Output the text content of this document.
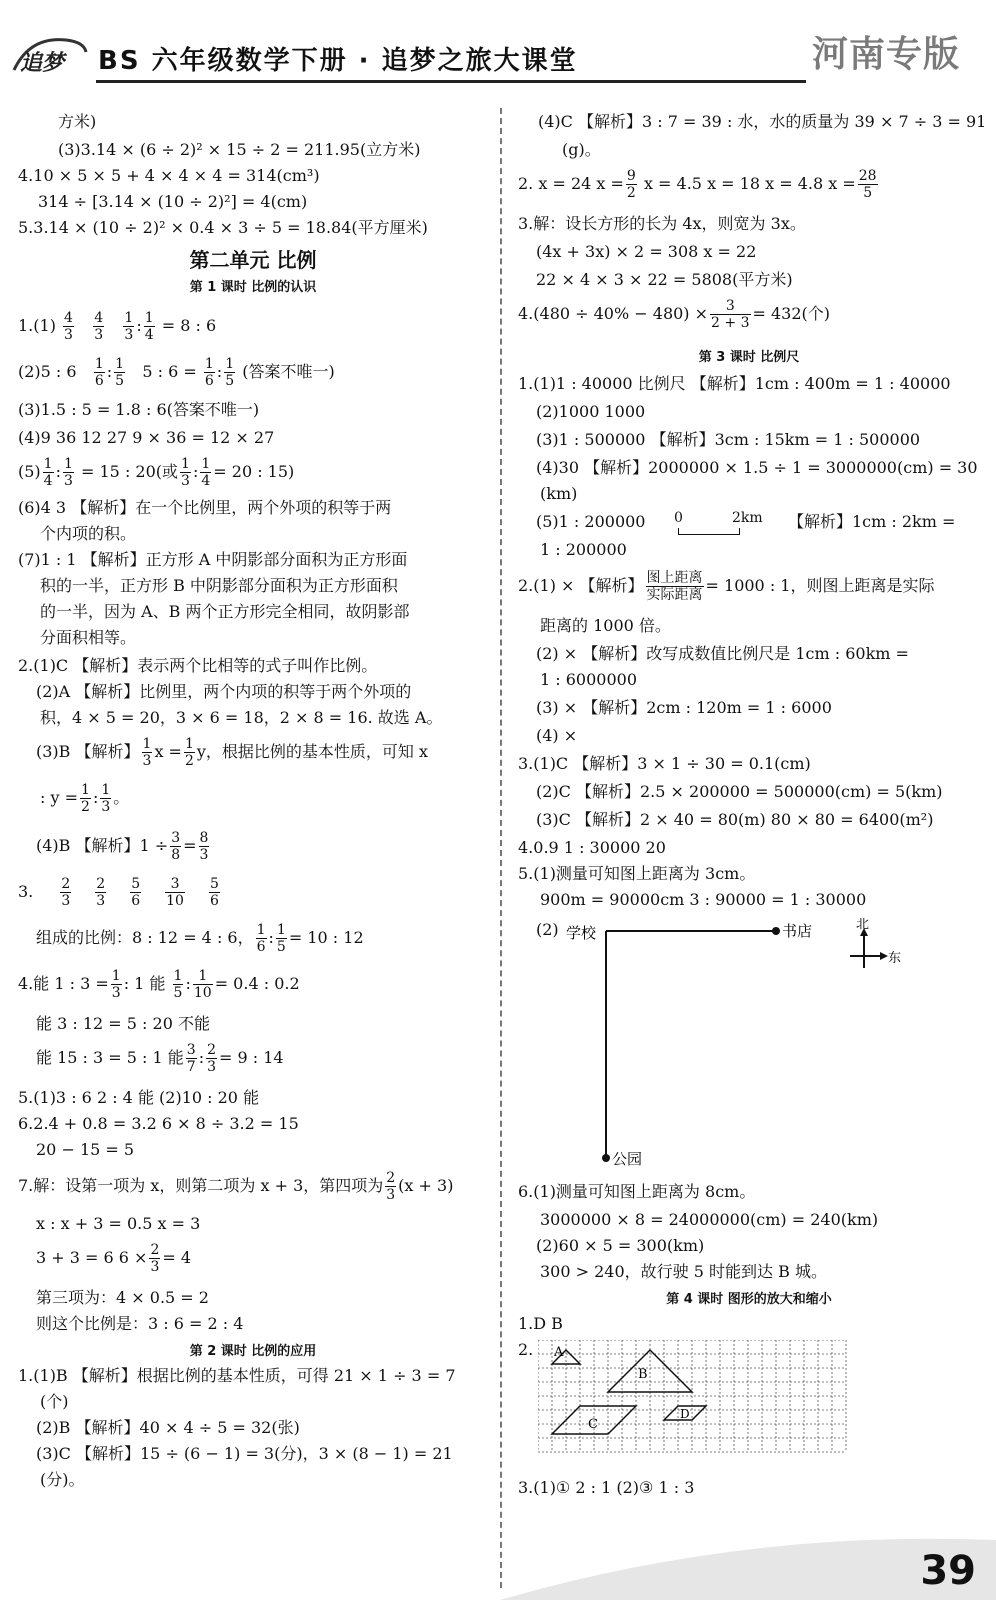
追梦 BS 六年级数学下册 · 追梦之旅大课堂	河南专版
方米)
(3)3.14 × (6 ÷ 2)² × 15 ÷ 2 = 211.95(立方米)
4.10 × 5 × 5 + 4 × 4 × 4 = 314(cm³)
314 ÷ [3.14 × (10 ÷ 2)²] = 4(cm)
5.3.14 × (10 ÷ 2)² × 0.4 × 3 ÷ 5 = 18.84(平方厘米)
第二单元 比例
第 1 课时 比例的认识
$1.(1) \frac{4}{3}$
$\frac{4}{3}$
$\frac{1}{3}$ : $\frac{1}{4} = 8$ : 6
(2)5 : $6 \frac{1}{6}$ : $\frac{1}{5} 5$ : $6 = \frac{1}{6}$ : $\frac{1}{5}$ (答案不唯一)
(3)1.5 : 5 = 1.8 : 6(答案不唯一)
(4)9 36 12 27 9 × 36 = 12 × 27
$(5) \frac{1}{4}$ : $\frac{1}{3} = 15$ : 20(或 $\frac{1}{3}$ : $\frac{1}{4} = 20$ : 15)
(6)4 3 【解析】在一个比例里，两个外项的积等于两
个内项的积。
(7)1 : 1 【解析】正方形 A 中阴影部分面积为正方形面
积的一半，正方形 B 中阴影部分面积为正方形面积
的一半，因为 A、B 两个正方形完全相同，故阴影部
分面积相等。
2.(1)C 【解析】表示两个比相等的式子叫作比例。
(2)A 【解析】比例里，两个内项的积等于两个外项的
积，4 × 5 = 20，3 × 6 = 18，2 × 8 = 16. 故选 A。
(3)B 【解析】 $\frac{1}{3}$ $x = \frac{1}{2}$ y，根据比例的基本性质，可知 x
: $y = \frac{1}{2}$ : $\frac{1}{3}$ 。
(4)B 【解析】$1 \div \frac{3}{8} = \frac{8}{3}$
3. $\frac{2}{3} \frac{2}{3} \frac{5}{6} \frac{3}{10} \frac{5}{6}$
组成的比例：8 : 12 = 4 : 6， $\frac{1}{6}$ : $\frac{1}{5} = 10$ : 12
4.能 1 : $3 = \frac{1}{3}$ : 1 能 $\frac{1}{5}$ : $\frac{1}{10} = 0.4$ : 0.2
能 3 : 12 = 5 : 20 不能
能 15 : 3 = 5 : 1 能 $\frac{3}{7}$ : $\frac{2}{3} = 9$ : 14
5.(1)3 : 6 2 : 4 能 (2)10 : 20 能
6.2.4 + 0.8 = 3.2 6 × 8 ÷ 3.2 = 15
20 − 15 = 5
7.解：设第一项为 x，则第二项为 x + 3，第四项为 $\frac{2}{3} (x + 3)$
x : x + 3 = 0.5 x = 3
3 + 3 = 6 $6 \times \frac{2}{3} = 4$
第三项为：4 × 0.5 = 2
则这个比例是：3 : 6 = 2 : 4
第 2 课时 比例的应用
1.(1)B 【解析】根据比例的基本性质，可得 21 × 1 ÷ 3 = 7
(个)
(2)B 【解析】40 × 4 ÷ 5 = 32(张)
(3)C 【解析】15 ÷ (6 − 1) = 3(分)，3 × (8 − 1) = 21
(分)。
(4)C 【解析】3 : 7 = 39 : 水，水的质量为 39 × 7 ÷ 3 = 91
(g)。
2. x = 24 $x = \frac{9}{2}$ x = 4.5 x = 18 x = 4.8 $x = \frac{28}{5}$
3.解：设长方形的长为 4x，则宽为 3x。
(4x + 3x) × 2 = 308 x = 22
22 × 4 × 3 × 22 = 5808(平方米)
$4.(480 \div 40\% - 480) \times \frac{3}{2 + 3} = 432$(个)
第 3 课时 比例尺
1.(1)1 : 40000 比例尺 【解析】1cm : 400m = 1 : 40000
(2)1000 1000
(3)1 : 500000 【解析】3cm : 15km = 1 : 500000
(4)30 【解析】2000000 × 1.5 ÷ 1 = 3000000(cm) = 30
(km)
(5)1 : 200000 0	2km 【解析】1cm : 2km =
1 : 200000
2.(1) × 【解析】 $\frac{\text{图上距离}}{\text{实际距离}} = 1000$ : 1，则图上距离是实际
距离的 1000 倍。
(2) × 【解析】改写成数值比例尺是 1cm : 60km =
1 : 6000000
(3) × 【解析】2cm : 120m = 1 : 6000
(4) ×
3.(1)C 【解析】3 × 1 ÷ 30 = 0.1(cm)
(2)C 【解析】2.5 × 200000 = 500000(cm) = 5(km)
(3)C 【解析】2 × 40 = 80(m) 80 × 80 = 6400(m²)
4.0.9 1 : 30000 20
5.(1)测量可知图上距离为 3cm。
900m = 90000cm 3 : 90000 = 1 : 30000
(2) 学校	书店
公园
北
东
6.(1)测量可知图上距离为 8cm。
3000000 × 8 = 24000000(cm) = 240(km)
(2)60 × 5 = 300(km)
300 > 240，故行驶 5 时能到达 B 城。
第 4 课时 图形的放大和缩小
1.D B
2. A
B
C
D
3.(1)① 2 : 1 (2)③ 1 : 3
39
